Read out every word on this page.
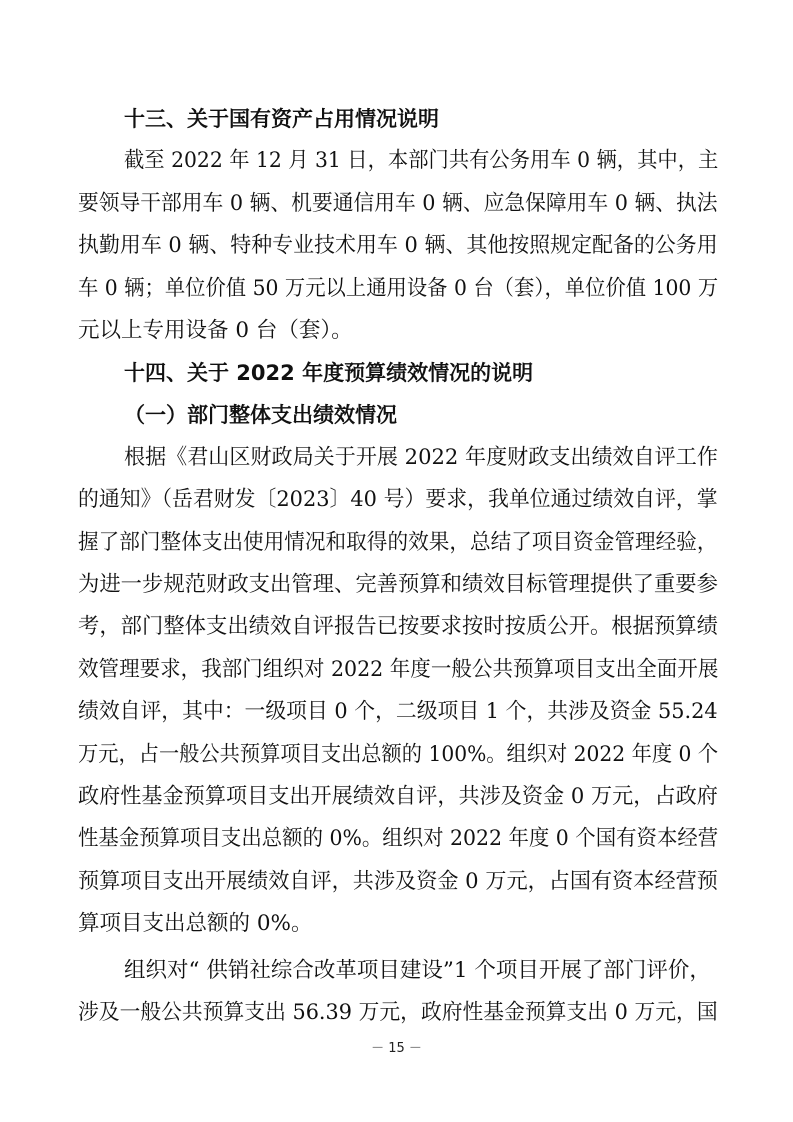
十三、关于国有资产占用情况说明
截至 2022 年 12 月 31 日，本部门共有公务用车 0 辆，其中，主
要领导干部用车 0 辆、机要通信用车 0 辆、应急保障用车 0 辆、执法
执勤用车 0 辆、特种专业技术用车 0 辆、其他按照规定配备的公务用
车 0 辆；单位价值 50 万元以上通用设备 0 台（套），单位价值 100 万
元以上专用设备 0 台（套）。
十四、关于 2022 年度预算绩效情况的说明
（一）部门整体支出绩效情况
根据《君山区财政局关于开展 2022 年度财政支出绩效自评工作
的通知》（岳君财发〔2023〕40 号）要求，我单位通过绩效自评，掌
握了部门整体支出使用情况和取得的效果，总结了项目资金管理经验，
为进一步规范财政支出管理、完善预算和绩效目标管理提供了重要参
考，部门整体支出绩效自评报告已按要求按时按质公开。根据预算绩
效管理要求，我部门组织对 2022 年度一般公共预算项目支出全面开展
绩效自评，其中：一级项目 0 个，二级项目 1 个，共涉及资金 55.24
万元，占一般公共预算项目支出总额的 100%。组织对 2022 年度 0 个
政府性基金预算项目支出开展绩效自评，共涉及资金 0 万元，占政府
性基金预算项目支出总额的 0%。组织对 2022 年度 0 个国有资本经营
预算项目支出开展绩效自评，共涉及资金 0 万元，占国有资本经营预
算项目支出总额的 0%。
组织对“ 供销社综合改革项目建设”1 个项目开展了部门评价，
涉及一般公共预算支出 56.39 万元，政府性基金预算支出 0 万元，国
－ 15 －
